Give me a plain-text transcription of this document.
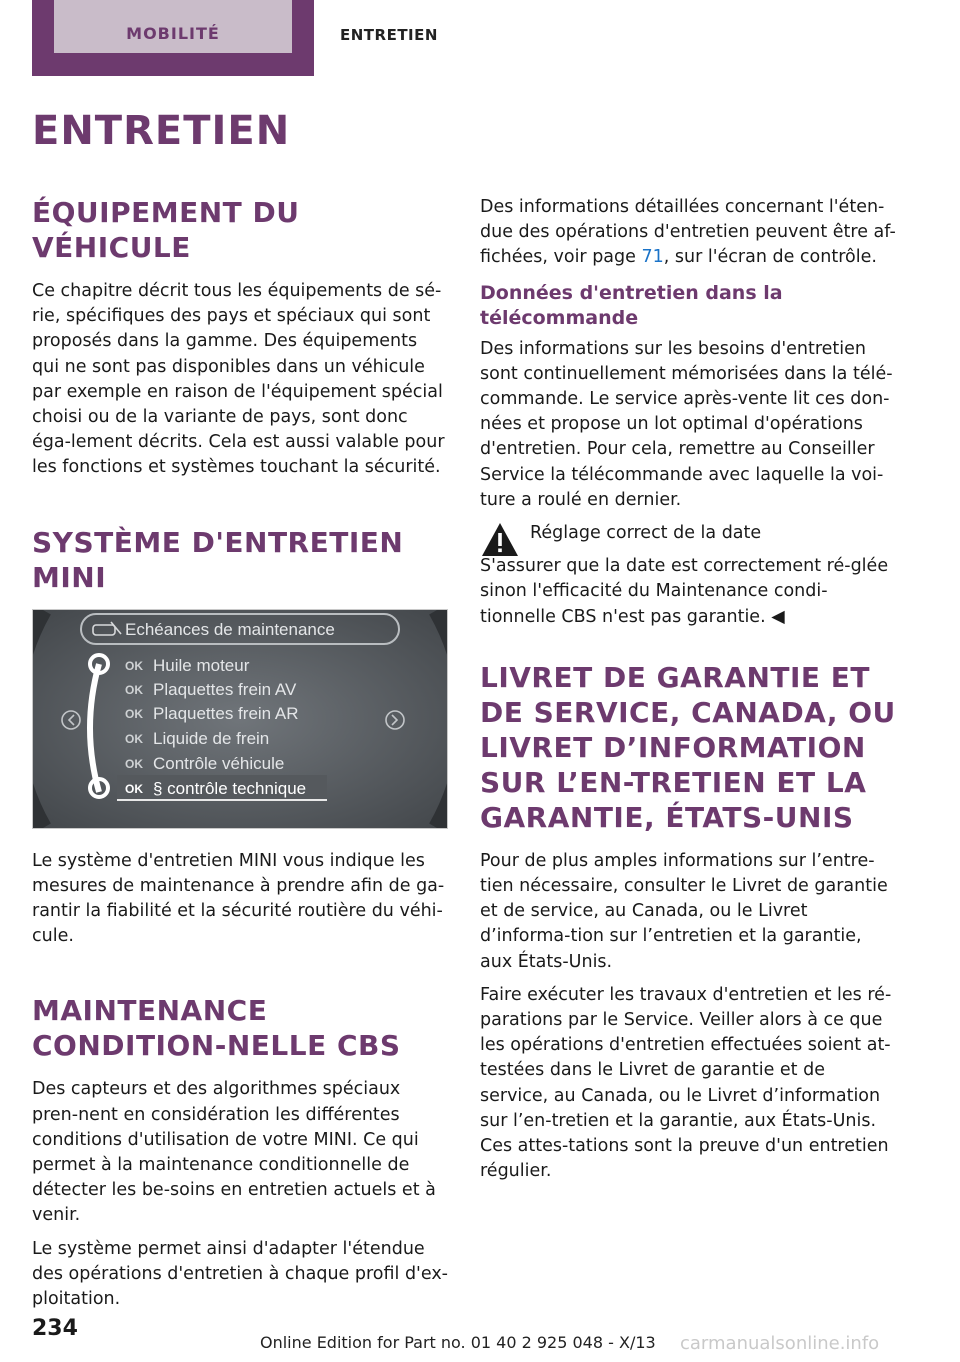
MOBILITÉ	ENTRETIEN
ENTRETIEN
ÉQUIPEMENT DU VÉHICULE

Ce chapitre décrit tous les équipements de sé-rie, spécifiques des pays et spéciaux qui sont proposés dans la gamme. Des équipements qui ne sont pas disponibles dans un véhicule par exemple en raison de l'équipement spécial choisi ou de la variante de pays, sont donc éga-lement décrits. Cela est aussi valable pour les fonctions et systèmes touchant la sécurité.

SYSTÈME D'ENTRETIEN MINI
Echéances de maintenance
OK Huile moteur
OK Plaquettes frein AV
OK Plaquettes frein AR
OK Liquide de frein
OK Contrôle véhicule
OK § contrôle technique

Le système d'entretien MINI vous indique les mesures de maintenance à prendre afin de ga-rantir la fiabilité et la sécurité routière du véhi-cule.

MAINTENANCE CONDITION-NELLE CBS

Des capteurs et des algorithmes spéciaux pren-nent en considération les différentes conditions d'utilisation de votre MINI. Ce qui permet à la maintenance conditionnelle de détecter les be-soins en entretien actuels et à venir.

Le système permet ainsi d'adapter l'étendue des opérations d'entretien à chaque profil d'ex-ploitation.

Des informations détaillées concernant l'éten-due des opérations d'entretien peuvent être af-fichées, voir page 71, sur l'écran de contrôle.

Données d'entretien dans la télécommande

Des informations sur les besoins d'entretien sont continuellement mémorisées dans la télé-commande. Le service après-vente lit ces don-nées et propose un lot optimal d'opérations d'entretien. Pour cela, remettre au Conseiller Service la télécommande avec laquelle la voi-ture a roulé en dernier.

Réglage correct de la date

S'assurer que la date est correctement ré-glée sinon l'efficacité du Maintenance condi-tionnelle CBS n'est pas garantie. ◀

LIVRET DE GARANTIE ET DE SERVICE, CANADA, OU LIVRET D’INFORMATION SUR L’EN-TRETIEN ET LA GARANTIE, ÉTATS-UNIS

Pour de plus amples informations sur l’entre-tien nécessaire, consulter le Livret de garantie et de service, au Canada, ou le Livret d’informa-tion sur l’entretien et la garantie, aux États-Unis.

Faire exécuter les travaux d'entretien et les ré-parations par le Service. Veiller alors à ce que les opérations d'entretien effectuées soient at-testées dans le Livret de garantie et de service, au Canada, ou le Livret d’information sur l’en-tretien et la garantie, aux États-Unis. Ces attes-tations sont la preuve d'un entretien régulier.

234
Online Edition for Part no. 01 40 2 925 048 - X/13 carmanualsonline.info
